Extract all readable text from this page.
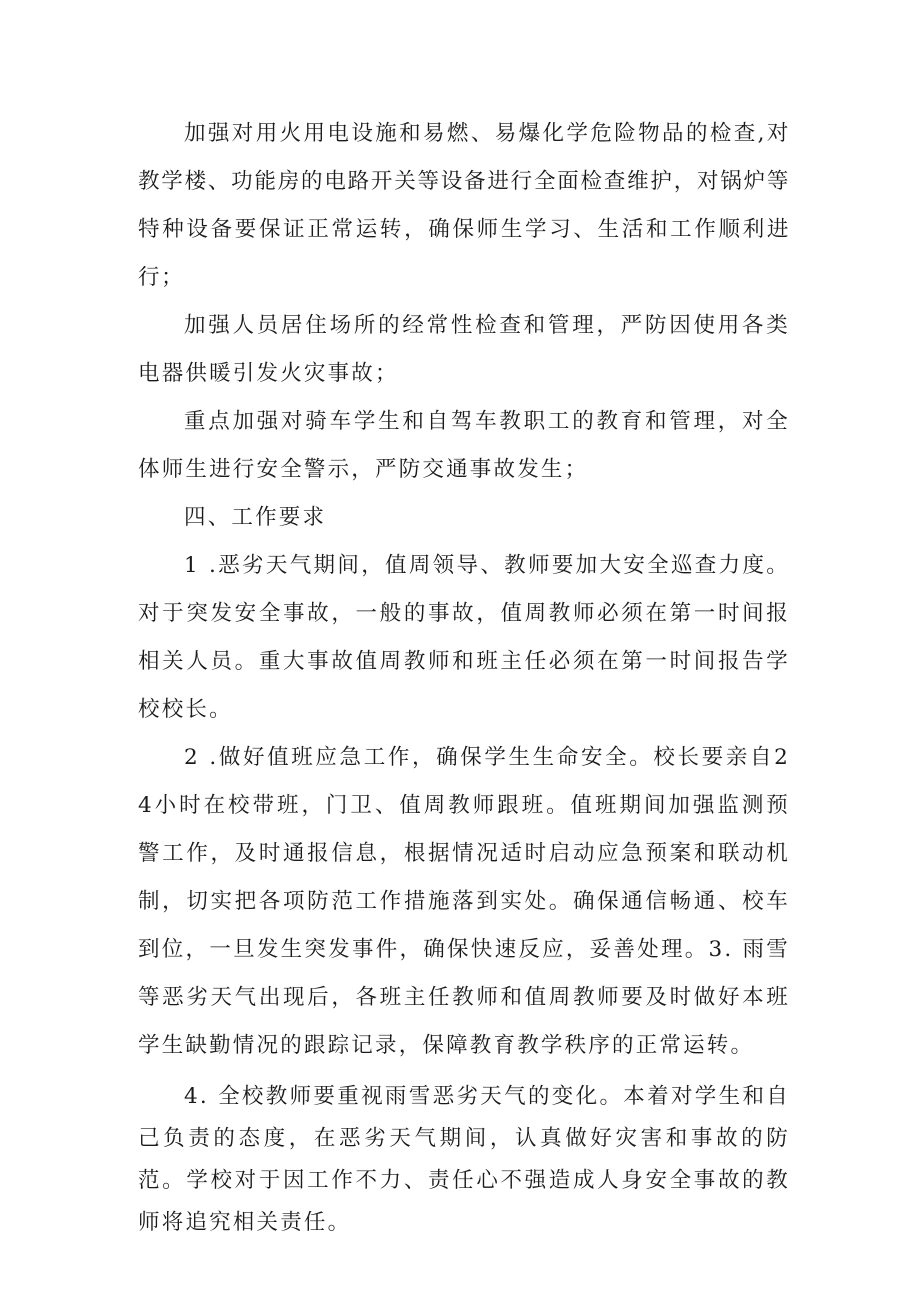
加强对用火用电设施和易燃、易爆化学危险物品的检查,对教学楼、功能房的电路开关等设备进行全面检查维护，对锅炉等特种设备要保证正常运转，确保师生学习、生活和工作顺利进行；

加强人员居住场所的经常性检查和管理，严防因使用各类电器供暖引发火灾事故；

重点加强对骑车学生和自驾车教职工的教育和管理，对全体师生进行安全警示，严防交通事故发生；

四、工作要求

1 .恶劣天气期间，值周领导、教师要加大安全巡查力度。对于突发安全事故，一般的事故，值周教师必须在第一时间报相关人员。重大事故值周教师和班主任必须在第一时间报告学校校长。

2 .做好值班应急工作，确保学生生命安全。校长要亲自24小时在校带班，门卫、值周教师跟班。值班期间加强监测预警工作，及时通报信息，根据情况适时启动应急预案和联动机制，切实把各项防范工作措施落到实处。确保通信畅通、校车到位，一旦发生突发事件，确保快速反应，妥善处理。3. 雨雪等恶劣天气出现后，各班主任教师和值周教师要及时做好本班学生缺勤情况的跟踪记录，保障教育教学秩序的正常运转。

4. 全校教师要重视雨雪恶劣天气的变化。本着对学生和自己负责的态度，在恶劣天气期间，认真做好灾害和事故的防范。学校对于因工作不力、责任心不强造成人身安全事故的教师将追究相关责任。
